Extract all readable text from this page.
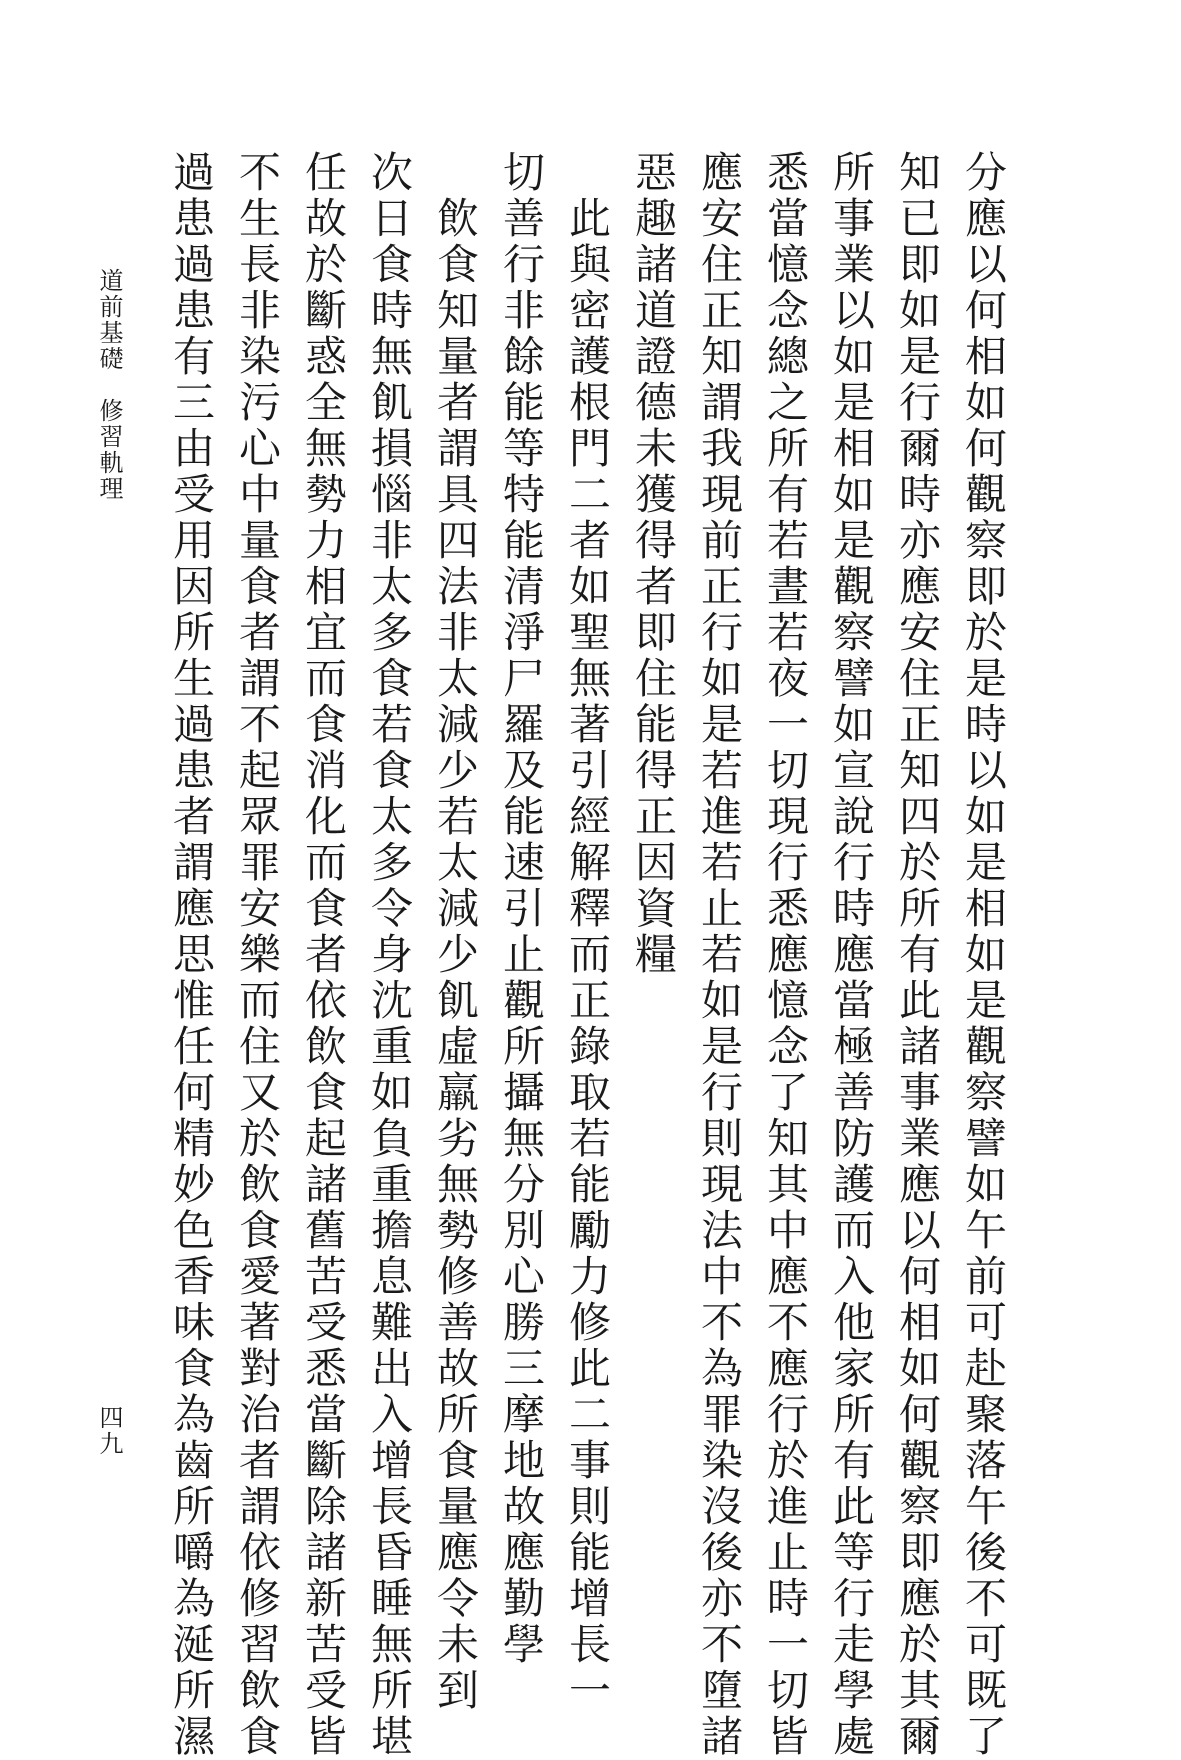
道前基礎修習軌理	分應以何相如何觀察即於是時以如是相如是觀察譬如午前可赴聚落午後不可既了
知已即如是行爾時亦應安住正知四於所有此諸事業應以何相如何觀察即應於其爾
所事業以如是相如是觀察譬如宣說行時應當極善防護而入他家所有此等行走學處
悉當憶念總之所有若晝若夜一切現行悉應憶念了知其中應不應行於進止時一切皆
應安住正知謂我現前正行如是若進若止若如是行則現法中不為罪染沒後亦不墮諸
惡趣諸道證德未獲得者即住能得正因資糧
　此與密護根門二者如聖無著引經解釋而正錄取若能勵力修此二事則能增長一
切善行非餘能等特能清淨尸羅及能速引止觀所攝無分別心勝三摩地故應勤學
　飲食知量者謂具四法非太減少若太減少飢虛羸劣無勢修善故所食量應令未到
次日食時無飢損惱非太多食若食太多令身沈重如負重擔息難出入增長昏睡無所堪
任故於斷惑全無勢力相宜而食消化而食者依飲食起諸舊苦受悉當斷除諸新苦受皆
不生長非染污心中量食者謂不起眾罪安樂而住又於飲食愛著對治者謂依修習飲食
過患過患有三由受用因所生過患者謂應思惟任何精妙色香味食為齒所嚼為涎所濕
四九
